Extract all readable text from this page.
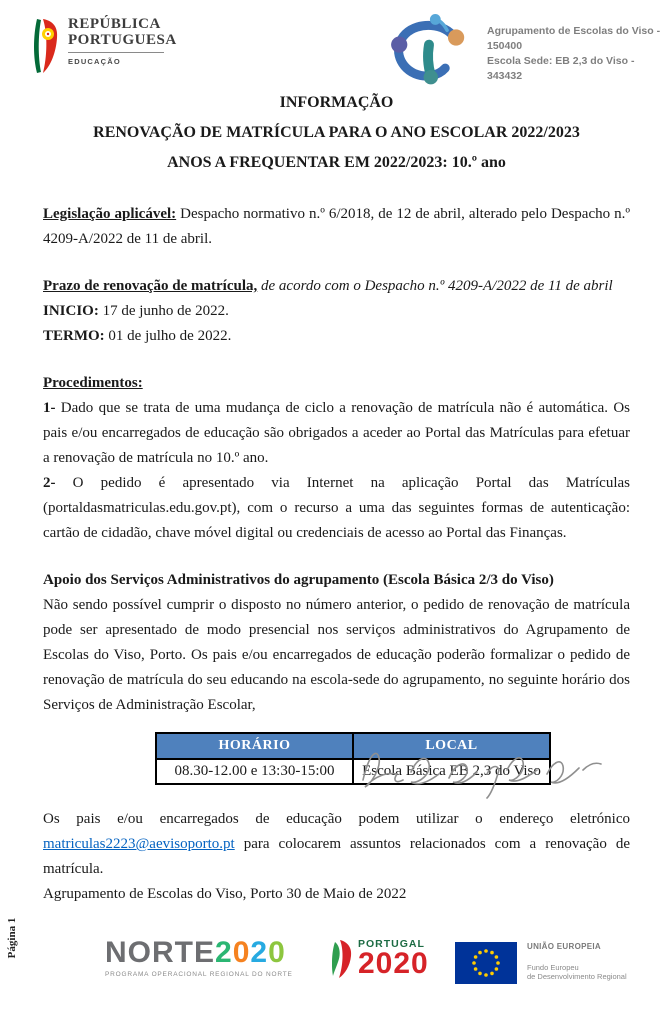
REPÚBLICA
PORTUGUESA
EDUCAÇÃO
Agrupamento de Escolas do Viso - 150400
Escola Sede: EB 2,3 do Viso - 343432
INFORMAÇÃO
RENOVAÇÃO DE MATRÍCULA PARA O ANO ESCOLAR 2022/2023
ANOS A FREQUENTAR EM 2022/2023: 10.º ano

Legislação aplicável: Despacho normativo n.º 6/2018, de 12 de abril, alterado pelo Despacho n.º 4209-A/2022 de 11 de abril.

Prazo de renovação de matrícula, de acordo com o Despacho n.º 4209-A/2022 de 11 de abril

INICIO: 17 de junho de 2022.

TERMO: 01 de julho de 2022.

Procedimentos:

1- Dado que se trata de uma mudança de ciclo a renovação de matrícula não é automática. Os pais e/ou encarregados de educação são obrigados a aceder ao Portal das Matrículas para efetuar a renovação de matrícula no 10.º ano.

2- O pedido é apresentado via Internet na aplicação Portal das Matrículas (portaldasmatriculas.edu.gov.pt), com o recurso a uma das seguintes formas de autenticação: cartão de cidadão, chave móvel digital ou credenciais de acesso ao Portal das Finanças.

Apoio dos Serviços Administrativos do agrupamento (Escola Básica 2/3 do Viso)

Não sendo possível cumprir o disposto no número anterior, o pedido de renovação de matrícula pode ser apresentado de modo presencial nos serviços administrativos do Agrupamento de Escolas do Viso, Porto. Os pais e/ou encarregados de educação poderão formalizar o pedido de renovação de matrícula do seu educando na escola-sede do agrupamento, no seguinte horário dos Serviços de Administração Escolar,

HORÁRIO	LOCAL
08.30-12.00 e 13:30-15:00	Escola Básica EB 2,3 do Viso

Os pais e/ou encarregados de educação podem utilizar o endereço eletrónico matriculas2223@aevisoporto.pt para colocarem assuntos relacionados com a renovação de matrícula.

Agrupamento de Escolas do Viso, Porto 30 de Maio de 2022

Página 1	NORTE2020
PROGRAMA OPERACIONAL REGIONAL DO NORTE
PORTUGAL
2020
UNIÃO EUROPEIA
Fundo Europeu
de Desenvolvimento Regional
